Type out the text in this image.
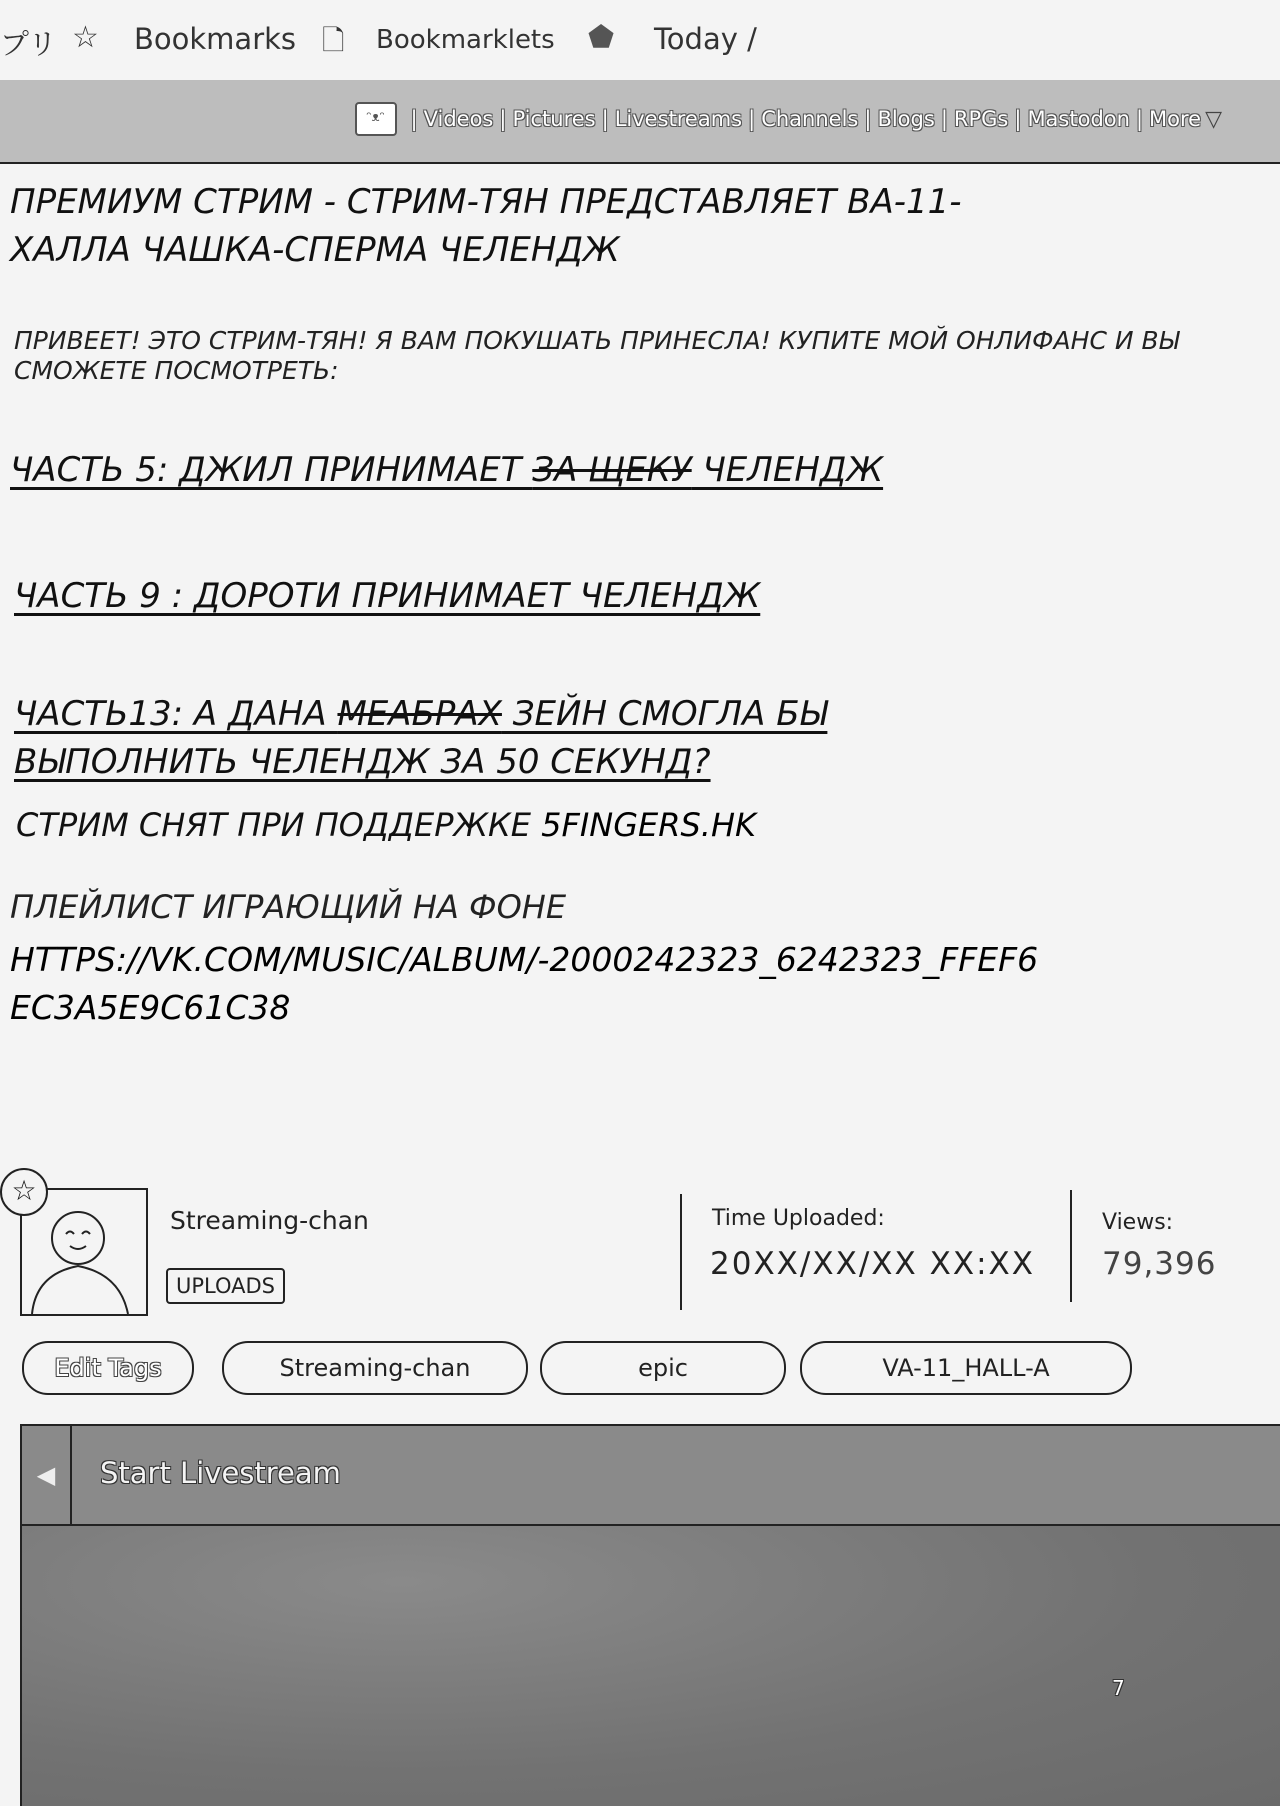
プリ ☆ Bookmarks 🗋 Bookmarklets ⬟ Today /
ᵔᴥᵔ	| Videos | Pictures | Livestreams | Channels | Blogs | RPGs | Mastodon | More ▽
ПРЕМИУМ СТРИМ - СТРИМ-ТЯН ПРЕДСТАВЛЯЕТ ВА-11-ХАЛЛА ЧАШКА-СПЕРМА ЧЕЛЕНДЖ
ПРИВЕЕТ! ЭТО СТРИМ-ТЯН! Я ВАМ ПОКУШАТЬ ПРИНЕСЛА! КУПИТЕ МОЙ ОНЛИФАНС И ВЫ СМОЖЕТЕ ПОСМОТРЕТЬ:
ЧАСТЬ 5: ДЖИЛ ПРИНИМАЕТ ЗА ЩЕКУ ЧЕЛЕНДЖ
ЧАСТЬ 9 : ДОРОТИ ПРИНИМАЕТ ЧЕЛЕНДЖ
ЧАСТЬ13: А ДАНА МЕАБРАХ ЗЕЙН СМОГЛА БЫ ВЫПОЛНИТЬ ЧЕЛЕНДЖ ЗА 50 СЕКУНД?
СТРИМ СНЯТ ПРИ ПОДДЕРЖКЕ 5FINGERS.HK
ПЛЕЙЛИСТ ИГРАЮЩИЙ НА ФОНЕ
HTTPS://VK.COM/MUSIC/ALBUM/-2000242323_6242323_FFEF6EC3A5E9C61C38
☆
Streaming-chan
UPLOADS
Time Uploaded:
20XX/XX/XX XX:XX
Views:
79,396
Edit Tags	Streaming-chan	epic	VA-11_HALL-A
◀	Start Livestream
7
